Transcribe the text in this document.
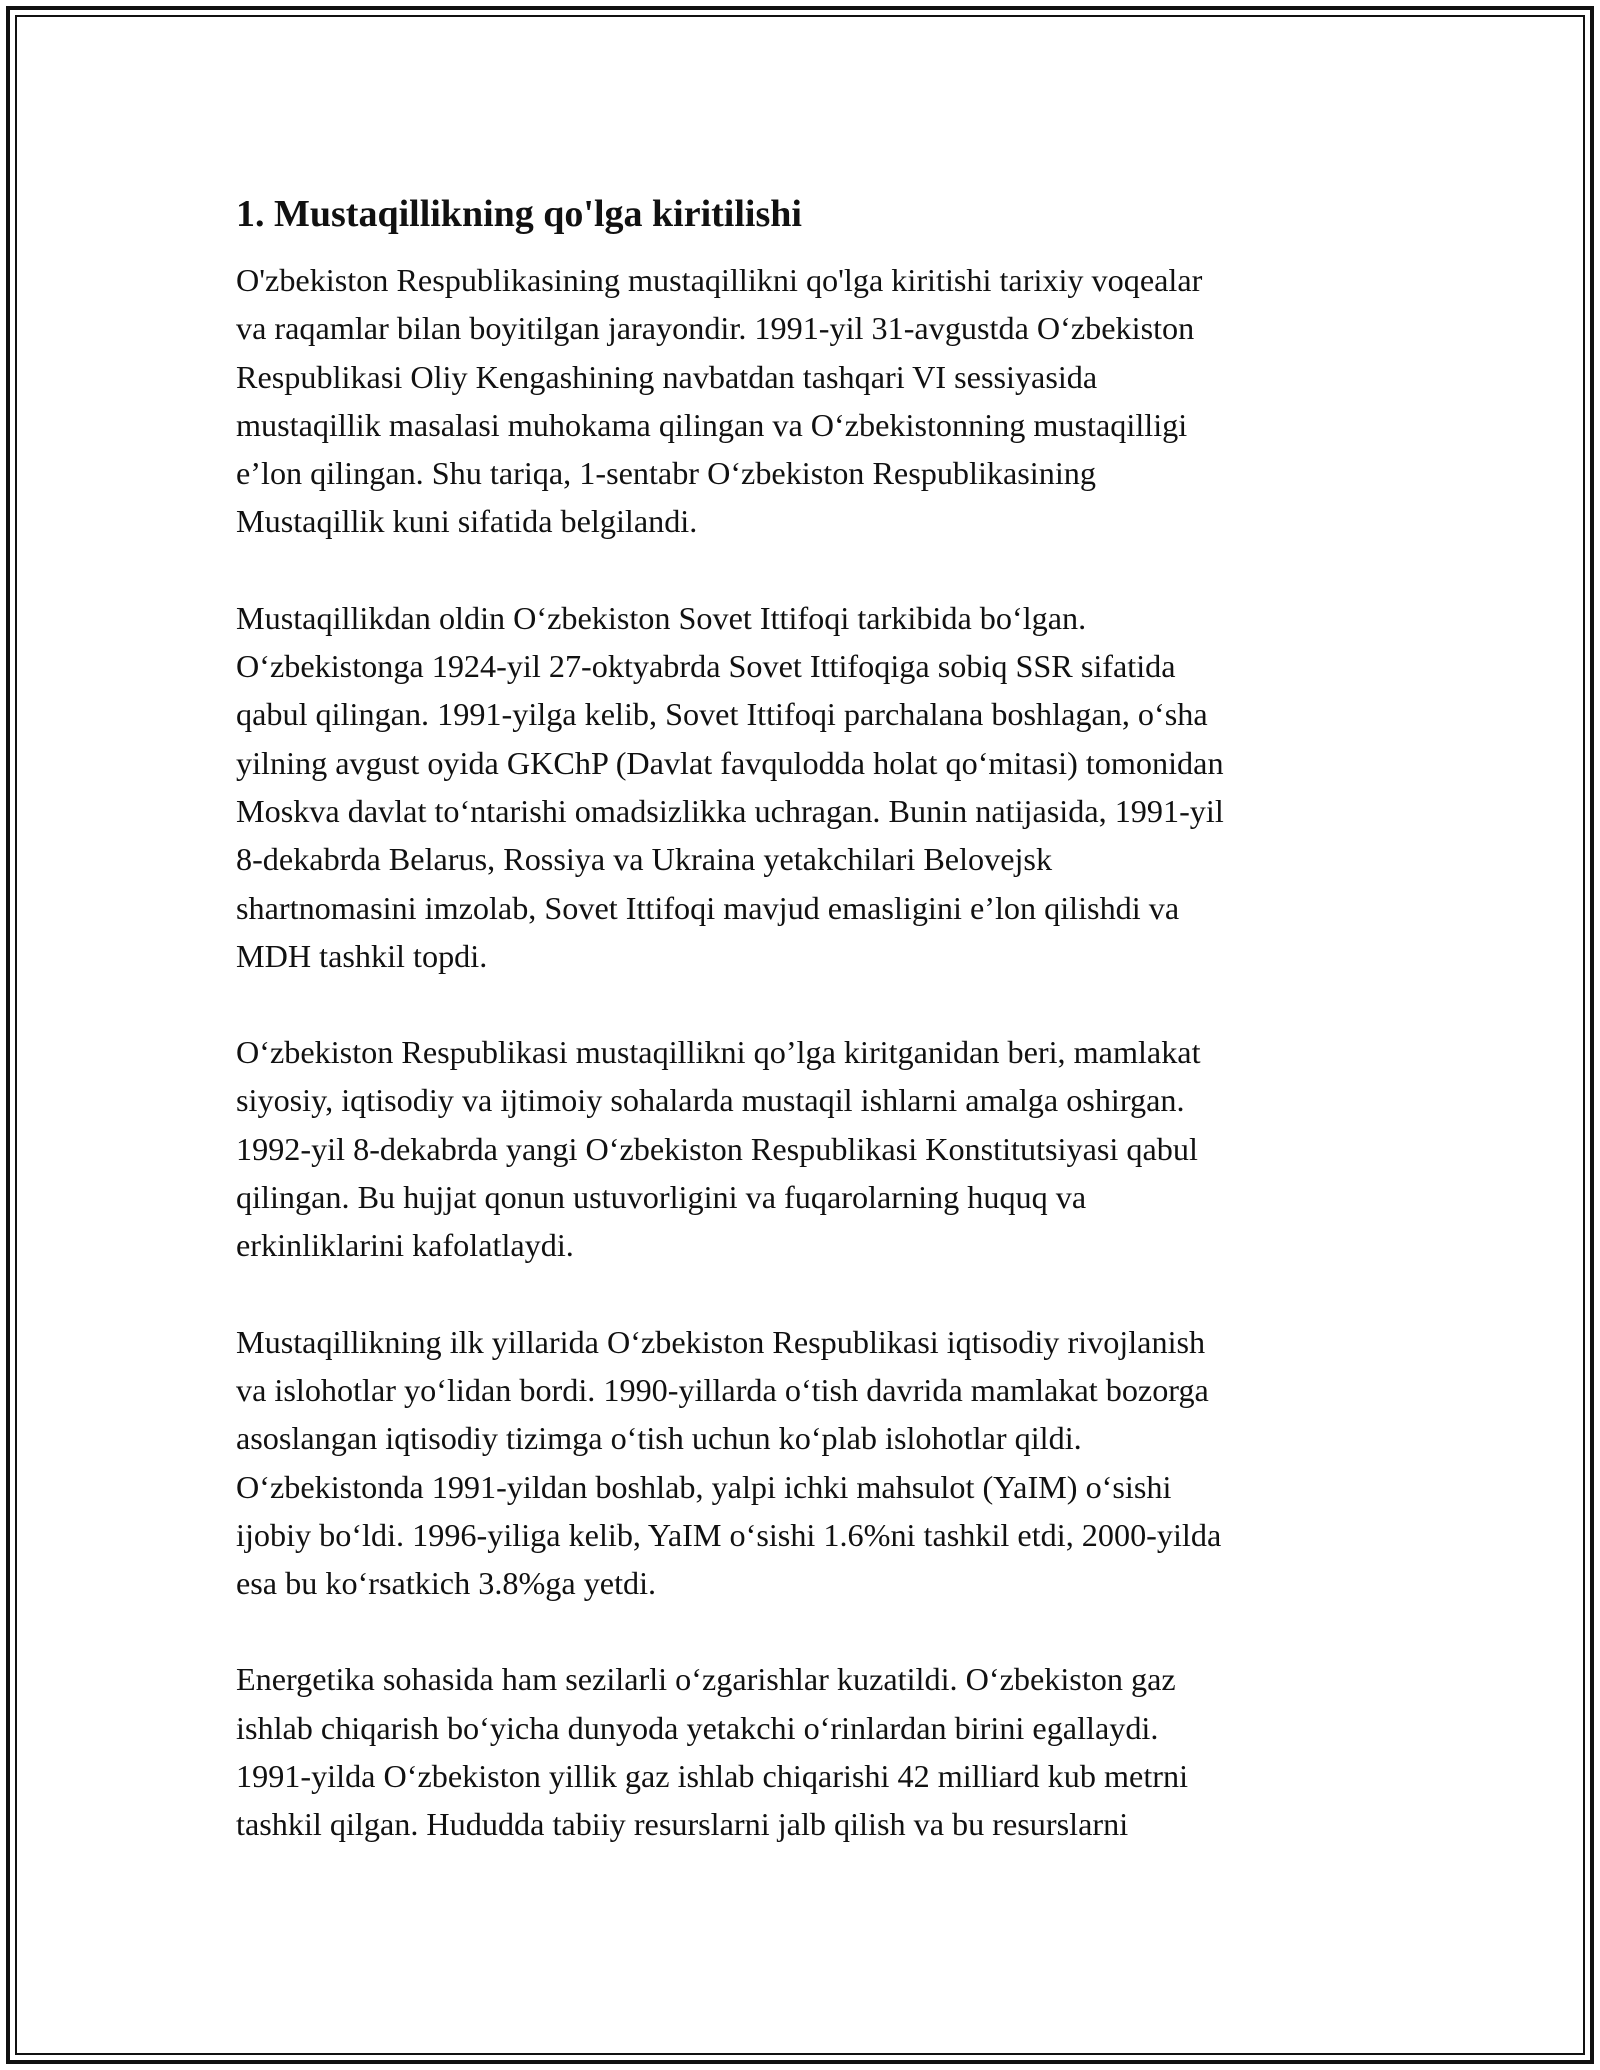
1. Mustaqillikning qo'lga kiritilishi
O'zbekiston Respublikasining mustaqillikni qo'lga kiritishi tarixiy voqealar
va raqamlar bilan boyitilgan jarayondir. 1991-yil 31-avgustda O‘zbekiston
Respublikasi Oliy Kengashining navbatdan tashqari VI sessiyasida
mustaqillik masalasi muhokama qilingan va O‘zbekistonning mustaqilligi
e’lon qilingan. Shu tariqa, 1-sentabr O‘zbekiston Respublikasining
Mustaqillik kuni sifatida belgilandi.
Mustaqillikdan oldin O‘zbekiston Sovet Ittifoqi tarkibida bo‘lgan.
O‘zbekistonga 1924-yil 27-oktyabrda Sovet Ittifoqiga sobiq SSR sifatida
qabul qilingan. 1991-yilga kelib, Sovet Ittifoqi parchalana boshlagan, o‘sha
yilning avgust oyida GKChP (Davlat favqulodda holat qo‘mitasi) tomonidan
Moskva davlat to‘ntarishi omadsizlikka uchragan. Bunin natijasida, 1991-yil
8-dekabrda Belarus, Rossiya va Ukraina yetakchilari Belovejsk
shartnomasini imzolab, Sovet Ittifoqi mavjud emasligini e’lon qilishdi va
MDH tashkil topdi.
O‘zbekiston Respublikasi mustaqillikni qo’lga kiritganidan beri, mamlakat
siyosiy, iqtisodiy va ijtimoiy sohalarda mustaqil ishlarni amalga oshirgan.
1992-yil 8-dekabrda yangi O‘zbekiston Respublikasi Konstitutsiyasi qabul
qilingan. Bu hujjat qonun ustuvorligini va fuqarolarning huquq va
erkinliklarini kafolatlaydi.
Mustaqillikning ilk yillarida O‘zbekiston Respublikasi iqtisodiy rivojlanish
va islohotlar yo‘lidan bordi. 1990-yillarda o‘tish davrida mamlakat bozorga
asoslangan iqtisodiy tizimga o‘tish uchun ko‘plab islohotlar qildi.
O‘zbekistonda 1991-yildan boshlab, yalpi ichki mahsulot (YaIM) o‘sishi
ijobiy bo‘ldi. 1996-yiliga kelib, YaIM o‘sishi 1.6%ni tashkil etdi, 2000-yilda
esa bu ko‘rsatkich 3.8%ga yetdi.
Energetika sohasida ham sezilarli o‘zgarishlar kuzatildi. O‘zbekiston gaz
ishlab chiqarish bo‘yicha dunyoda yetakchi o‘rinlardan birini egallaydi.
1991-yilda O‘zbekiston yillik gaz ishlab chiqarishi 42 milliard kub metrni
tashkil qilgan. Hududda tabiiy resurslarni jalb qilish va bu resurslarni
